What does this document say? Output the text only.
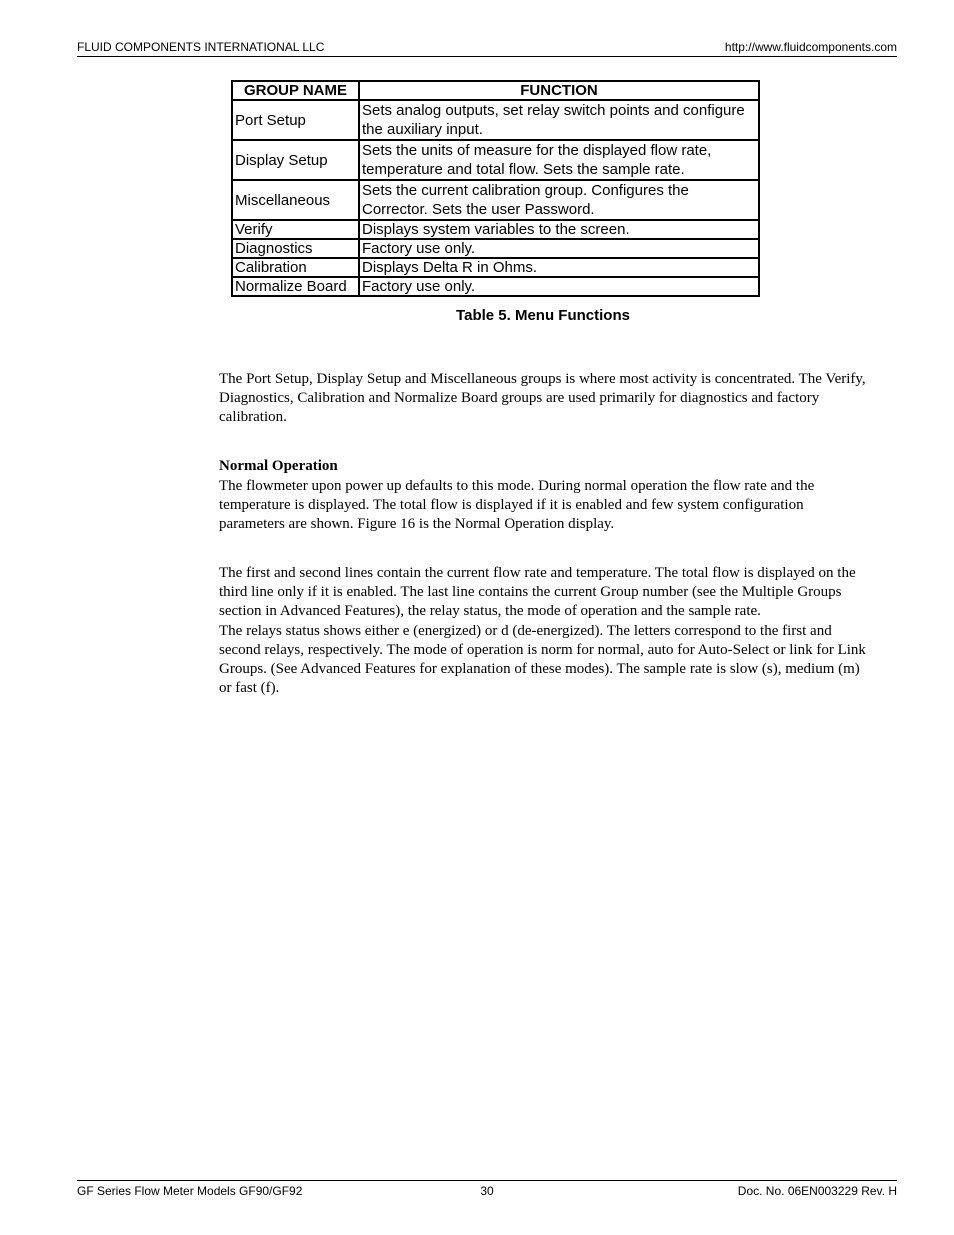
FLUID COMPONENTS INTERNATIONAL LLC	http://www.fluidcomponents.com
GROUP NAME	FUNCTION
Port Setup	Sets analog outputs, set relay switch points and configure the auxiliary input.
Display Setup	Sets the units of measure for the displayed flow rate, temperature and total flow. Sets the sample rate.
Miscellaneous	Sets the current calibration group. Configures the Corrector. Sets the user Password.
Verify	Displays system variables to the screen.
Diagnostics	Factory use only.
Calibration	Displays Delta R in Ohms.
Normalize Board	Factory use only.
Table 5. Menu Functions
The Port Setup, Display Setup and Miscellaneous groups is where most activity is concentrated. The Verify, Diagnostics, Calibration and Normalize Board groups are used primarily for diagnostics and factory calibration.
Normal Operation
The flowmeter upon power up defaults to this mode. During normal operation the flow rate and the temperature is displayed. The total flow is displayed if it is enabled and few system configuration parameters are shown. Figure 16 is the Normal Operation display.
The first and second lines contain the current flow rate and temperature. The total flow is displayed on the third line only if it is enabled. The last line contains the current Group number (see the Multiple Groups section in Advanced Features), the relay status, the mode of operation and the sample rate.
The relays status shows either e (energized) or d (de-energized). The letters correspond to the first and second relays, respectively. The mode of operation is norm for normal, auto for Auto-Select or link for Link Groups. (See Advanced Features for explanation of these modes). The sample rate is slow (s), medium (m) or fast (f).
GF Series Flow Meter Models GF90/GF92	30	Doc. No. 06EN003229 Rev. H
